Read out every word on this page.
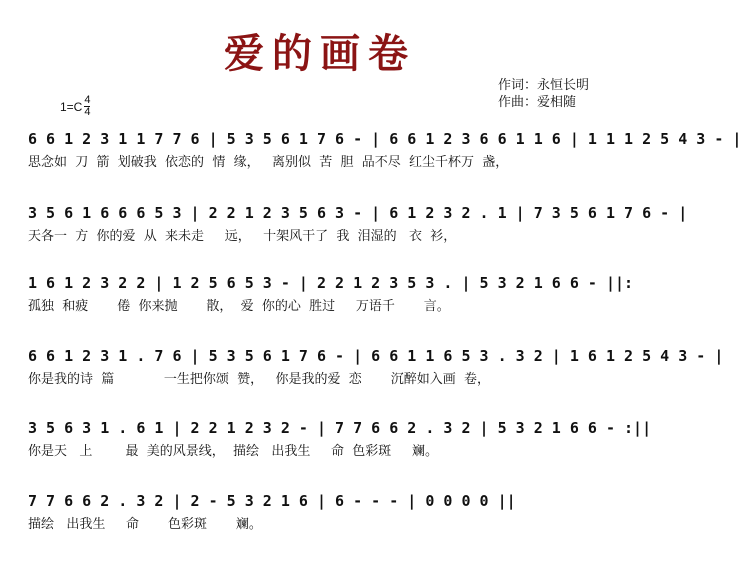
爱的画卷
作词：永恒长明
作曲：爱相随
$1=C \frac{4}{4}$
6 6 1 2 3 1 1 7 7 6 | 5 3 5 6 1 7 6 - | 6 6 1 2 3 6 6 1 1 6 | 1 1 1 2 5 4 3 - |
思念如  刀  箭  划破我  依恋的  情  缘，   离别似  苦  胆  品不尽  红尘千杯万  盏，
3 5 6 1 6 6 6 5 3 | 2 2 1 2 3 5 6 3 - | 6 1 2 3 2 . 1 | 7 3 5 6 1 7 6 - |
天各一  方  你的爱  从  来未走     远，   十架风干了  我  泪湿的   衣  衫，
1 6 1 2 3 2 2 | 1 2 5 6 5 3 - | 2 2 1 2 3 5 3 . | 5 3 2 1 6 6 - ||:
孤独  和疲       倦  你来抛       散，  爱  你的心  胜过     万语千       言。
6 6 1 2 3 1 . 7 6 | 5 3 5 6 1 7 6 - | 6 6 1 1 6 5 3 . 3 2 | 1 6 1 2 5 4 3 - |
你是我的诗  篇            一生把你颂  赞，   你是我的爱  恋       沉醉如入画  卷，
3 5 6 3 1 . 6 1 | 2 2 1 2 3 2 - | 7 7 6 6 2 . 3 2 | 5 3 2 1 6 6 - :||
你是天   上        最  美的风景线，  描绘   出我生     命  色彩斑     斓。
7 7 6 6 2 . 3 2 | 2 - 5 3 2 1 6 | 6 - - - | 0 0 0 0 ||
描绘   出我生     命       色彩斑       斓。
